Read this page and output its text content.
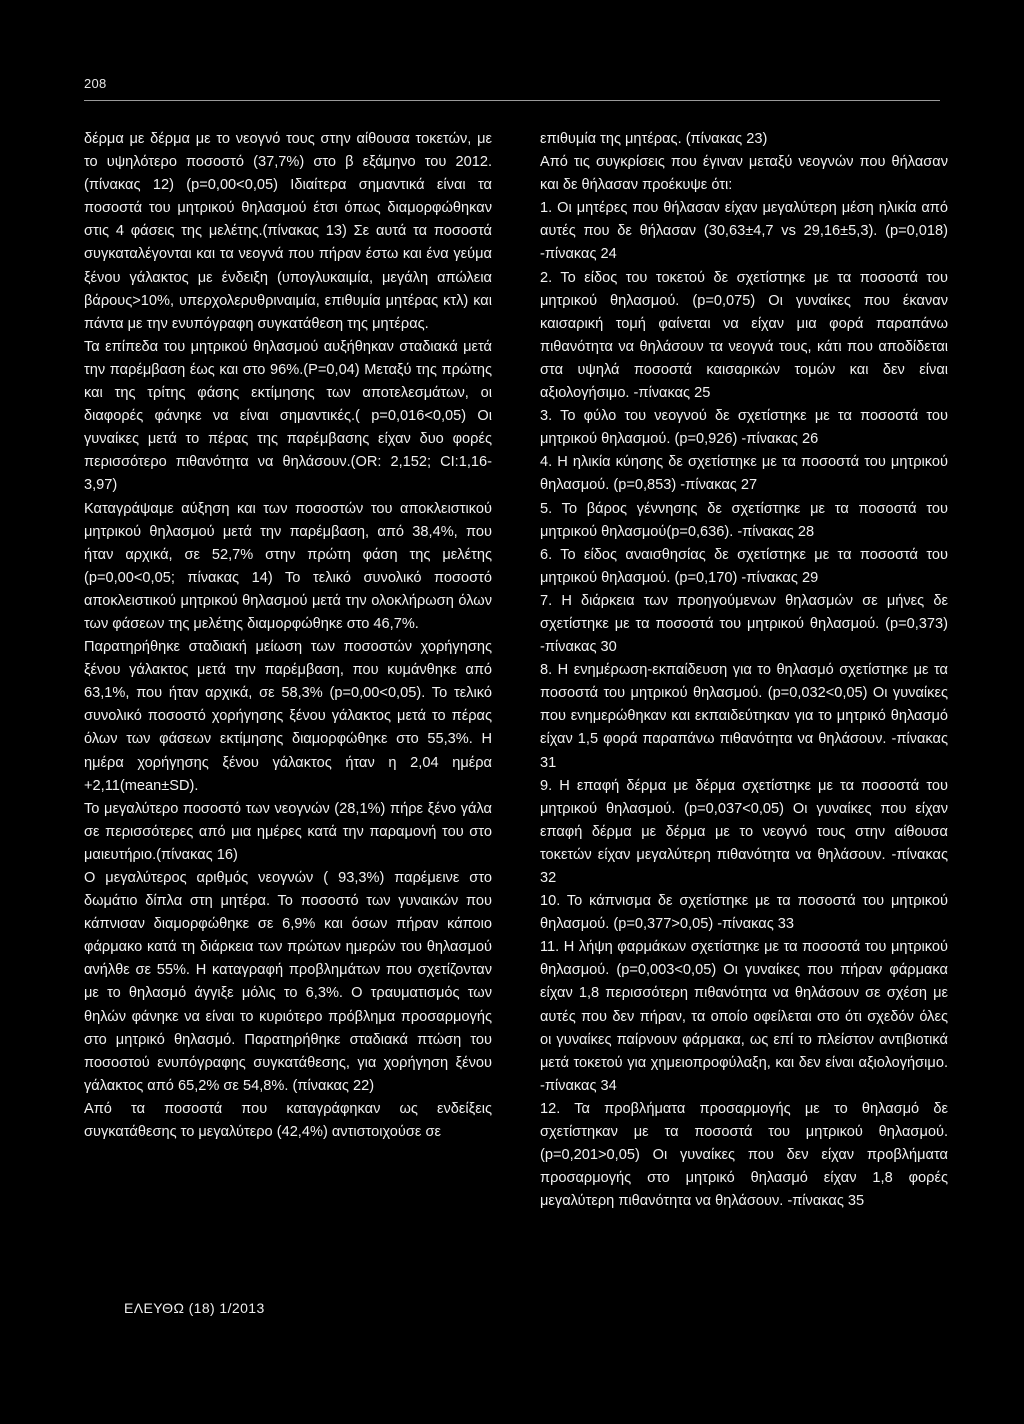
208

δέρμα με δέρμα με το νεογνό τους στην αίθουσα τοκετών, με το υψηλότερο ποσοστό (37,7%) στο β εξάμηνο του 2012. (πίνακας 12) (p=0,00<0,05) Ιδιαίτερα σημαντικά είναι τα ποσοστά του μητρικού θηλασμού έτσι όπως διαμορφώθηκαν στις 4 φάσεις της μελέτης.(πίνακας 13) Σε αυτά τα ποσοστά συγκαταλέγονται και τα νεογνά που πήραν έστω και ένα γεύμα ξένου γάλακτος με ένδειξη (υπογλυκαιμία, μεγάλη απώλεια βάρους>10%, υπερχολερυθριναιμία, επιθυμία μητέρας κτλ) και πάντα με την ενυπόγραφη συγκατάθεση της μητέρας.

Τα επίπεδα του μητρικού θηλασμού αυξήθηκαν σταδιακά μετά την παρέμβαση έως και στο 96%.(P=0,04) Μεταξύ της πρώτης και της τρίτης φάσης εκτίμησης των αποτελεσμάτων, οι διαφορές φάνηκε να είναι σημαντικές.( p=0,016<0,05) Οι γυναίκες μετά το πέρας της παρέμβασης είχαν δυο φορές περισσότερο πιθανότητα να θηλάσουν.(OR: 2,152; CI:1,16-3,97)

Καταγράψαμε αύξηση και των ποσοστών του αποκλειστικού μητρικού θηλασμού μετά την παρέμβαση, από 38,4%, που ήταν αρχικά, σε 52,7% στην πρώτη φάση της μελέτης (p=0,00<0,05; πίνακας 14) Το τελικό συνολικό ποσοστό αποκλειστικού μητρικού θηλασμού μετά την ολοκλήρωση όλων των φάσεων της μελέτης διαμορφώθηκε στο 46,7%.

Παρατηρήθηκε σταδιακή μείωση των ποσοστών χορήγησης ξένου γάλακτος μετά την παρέμβαση, που κυμάνθηκε από 63,1%, που ήταν αρχικά, σε 58,3% (p=0,00<0,05). Το τελικό συνολικό ποσοστό χορήγησης ξένου γάλακτος μετά το πέρας όλων των φάσεων εκτίμησης διαμορφώθηκε στο 55,3%. Η ημέρα χορήγησης ξένου γάλακτος ήταν η 2,04 ημέρα +2,11(mean±SD).

Το μεγαλύτερο ποσοστό των νεογνών (28,1%) πήρε ξένο γάλα σε περισσότερες από μια ημέρες κατά την παραμονή του στο μαιευτήριο.(πίνακας 16)

Ο μεγαλύτερος αριθμός νεογνών ( 93,3%) παρέμεινε στο δωμάτιο δίπλα στη μητέρα. Το ποσοστό των γυναικών που κάπνισαν διαμορφώθηκε σε 6,9% και όσων πήραν κάποιο φάρμακο κατά τη διάρκεια των πρώτων ημερών του θηλασμού ανήλθε σε 55%. Η καταγραφή προβλημάτων που σχετίζονταν με το θηλασμό άγγιξε μόλις το 6,3%. Ο τραυματισμός των θηλών φάνηκε να είναι το κυριότερο πρόβλημα προσαρμογής στο μητρικό θηλασμό. Παρατηρήθηκε σταδιακά πτώση του ποσοστού ενυπόγραφης συγκατάθεσης, για χορήγηση ξένου γάλακτος από 65,2% σε 54,8%. (πίνακας 22)

Από τα ποσοστά που καταγράφηκαν ως ενδείξεις συγκατάθεσης το μεγαλύτερο (42,4%) αντιστοιχούσε σε

επιθυμία της μητέρας. (πίνακας 23)

Από τις συγκρίσεις που έγιναν μεταξύ νεογνών που θήλασαν και δε θήλασαν προέκυψε ότι:

1. Οι μητέρες που θήλασαν είχαν μεγαλύτερη μέση ηλικία από αυτές που δε θήλασαν (30,63±4,7 vs 29,16±5,3). (p=0,018) -πίνακας 24

2. Το είδος του τοκετού δε σχετίστηκε με τα ποσοστά του μητρικού θηλασμού. (p=0,075) Οι γυναίκες που έκαναν καισαρική τομή φαίνεται να είχαν μια φορά παραπάνω πιθανότητα να θηλάσουν τα νεογνά τους, κάτι που αποδίδεται στα υψηλά ποσοστά καισαρικών τομών και δεν είναι αξιολογήσιμο. -πίνακας 25

3. Το φύλο του νεογνού δε σχετίστηκε με τα ποσοστά του μητρικού θηλασμού. (p=0,926) -πίνακας 26

4. Η ηλικία κύησης δε σχετίστηκε με τα ποσοστά του μητρικού θηλασμού. (p=0,853) -πίνακας 27

5. Το βάρος γέννησης δε σχετίστηκε με τα ποσοστά του μητρικού θηλασμού(p=0,636). -πίνακας 28

6. Το είδος αναισθησίας δε σχετίστηκε με τα ποσοστά του μητρικού θηλασμού. (p=0,170) -πίνακας 29

7. Η διάρκεια των προηγούμενων θηλασμών σε μήνες δε σχετίστηκε με τα ποσοστά του μητρικού θηλασμού. (p=0,373) -πίνακας 30

8. Η ενημέρωση-εκπαίδευση για το θηλασμό σχετίστηκε με τα ποσοστά του μητρικού θηλασμού. (p=0,032<0,05) Οι γυναίκες που ενημερώθηκαν και εκπαιδεύτηκαν για το μητρικό θηλασμό είχαν 1,5 φορά παραπάνω πιθανότητα να θηλάσουν. -πίνακας 31

9. Η επαφή δέρμα με δέρμα σχετίστηκε με τα ποσοστά του μητρικού θηλασμού. (p=0,037<0,05) Οι γυναίκες που είχαν επαφή δέρμα με δέρμα με το νεογνό τους στην αίθουσα τοκετών είχαν μεγαλύτερη πιθανότητα να θηλάσουν. -πίνακας 32

10. Το κάπνισμα δε σχετίστηκε με τα ποσοστά του μητρικού θηλασμού. (p=0,377>0,05) -πίνακας 33

11. Η λήψη φαρμάκων σχετίστηκε με τα ποσοστά του μητρικού θηλασμού. (p=0,003<0,05) Οι γυναίκες που πήραν φάρμακα είχαν 1,8 περισσότερη πιθανότητα να θηλάσουν σε σχέση με αυτές που δεν πήραν, τα οποίο οφείλεται στο ότι σχεδόν όλες οι γυναίκες παίρνουν φάρμακα, ως επί το πλείστον αντιβιοτικά μετά τοκετού για χημειοπροφύλαξη, και δεν είναι αξιολογήσιμο. -πίνακας 34

12. Τα προβλήματα προσαρμογής με το θηλασμό δε σχετίστηκαν με τα ποσοστά του μητρικού θηλασμού. (p=0,201>0,05) Οι γυναίκες που δεν είχαν προβλήματα προσαρμογής στο μητρικό θηλασμό είχαν 1,8 φορές μεγαλύτερη πιθανότητα να θηλάσουν. -πίνακας 35

ΕΛΕΥΘΩ (18) 1/2013
